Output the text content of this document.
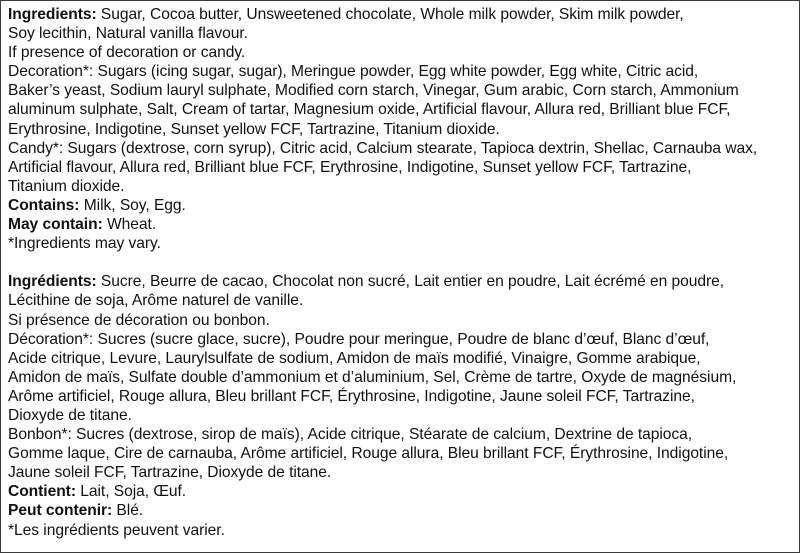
Ingredients: Sugar, Cocoa butter, Unsweetened chocolate, Whole milk powder, Skim milk powder,
Soy lecithin, Natural vanilla flavour.
If presence of decoration or candy.
Decoration*: Sugars (icing sugar, sugar), Meringue powder, Egg white powder, Egg white, Citric acid,
Baker’s yeast, Sodium lauryl sulphate, Modified corn starch, Vinegar, Gum arabic, Corn starch, Ammonium
aluminum sulphate, Salt, Cream of tartar, Magnesium oxide, Artificial flavour, Allura red, Brilliant blue FCF,
Erythrosine, Indigotine, Sunset yellow FCF, Tartrazine, Titanium dioxide.
Candy*: Sugars (dextrose, corn syrup), Citric acid, Calcium stearate, Tapioca dextrin, Shellac, Carnauba wax,
Artificial flavour, Allura red, Brilliant blue FCF, Erythrosine, Indigotine, Sunset yellow FCF, Tartrazine,
Titanium dioxide.
Contains: Milk, Soy, Egg.
May contain: Wheat.
*Ingredients may vary.
Ingrédients: Sucre, Beurre de cacao, Chocolat non sucré, Lait entier en poudre, Lait écrémé en poudre,
Lécithine de soja, Arôme naturel de vanille.
Si présence de décoration ou bonbon.
Décoration*: Sucres (sucre glace, sucre), Poudre pour meringue, Poudre de blanc d’œuf, Blanc d’œuf,
Acide citrique, Levure, Laurylsulfate de sodium, Amidon de maïs modifié, Vinaigre, Gomme arabique,
Amidon de maïs, Sulfate double d’ammonium et d’aluminium, Sel, Crème de tartre, Oxyde de magnésium,
Arôme artificiel, Rouge allura, Bleu brillant FCF, Érythrosine, Indigotine, Jaune soleil FCF, Tartrazine,
Dioxyde de titane.
Bonbon*: Sucres (dextrose, sirop de maïs), Acide citrique, Stéarate de calcium, Dextrine de tapioca,
Gomme laque, Cire de carnauba, Arôme artificiel, Rouge allura, Bleu brillant FCF, Érythrosine, Indigotine,
Jaune soleil FCF, Tartrazine, Dioxyde de titane.
Contient: Lait, Soja, Œuf.
Peut contenir: Blé.
*Les ingrédients peuvent varier.
